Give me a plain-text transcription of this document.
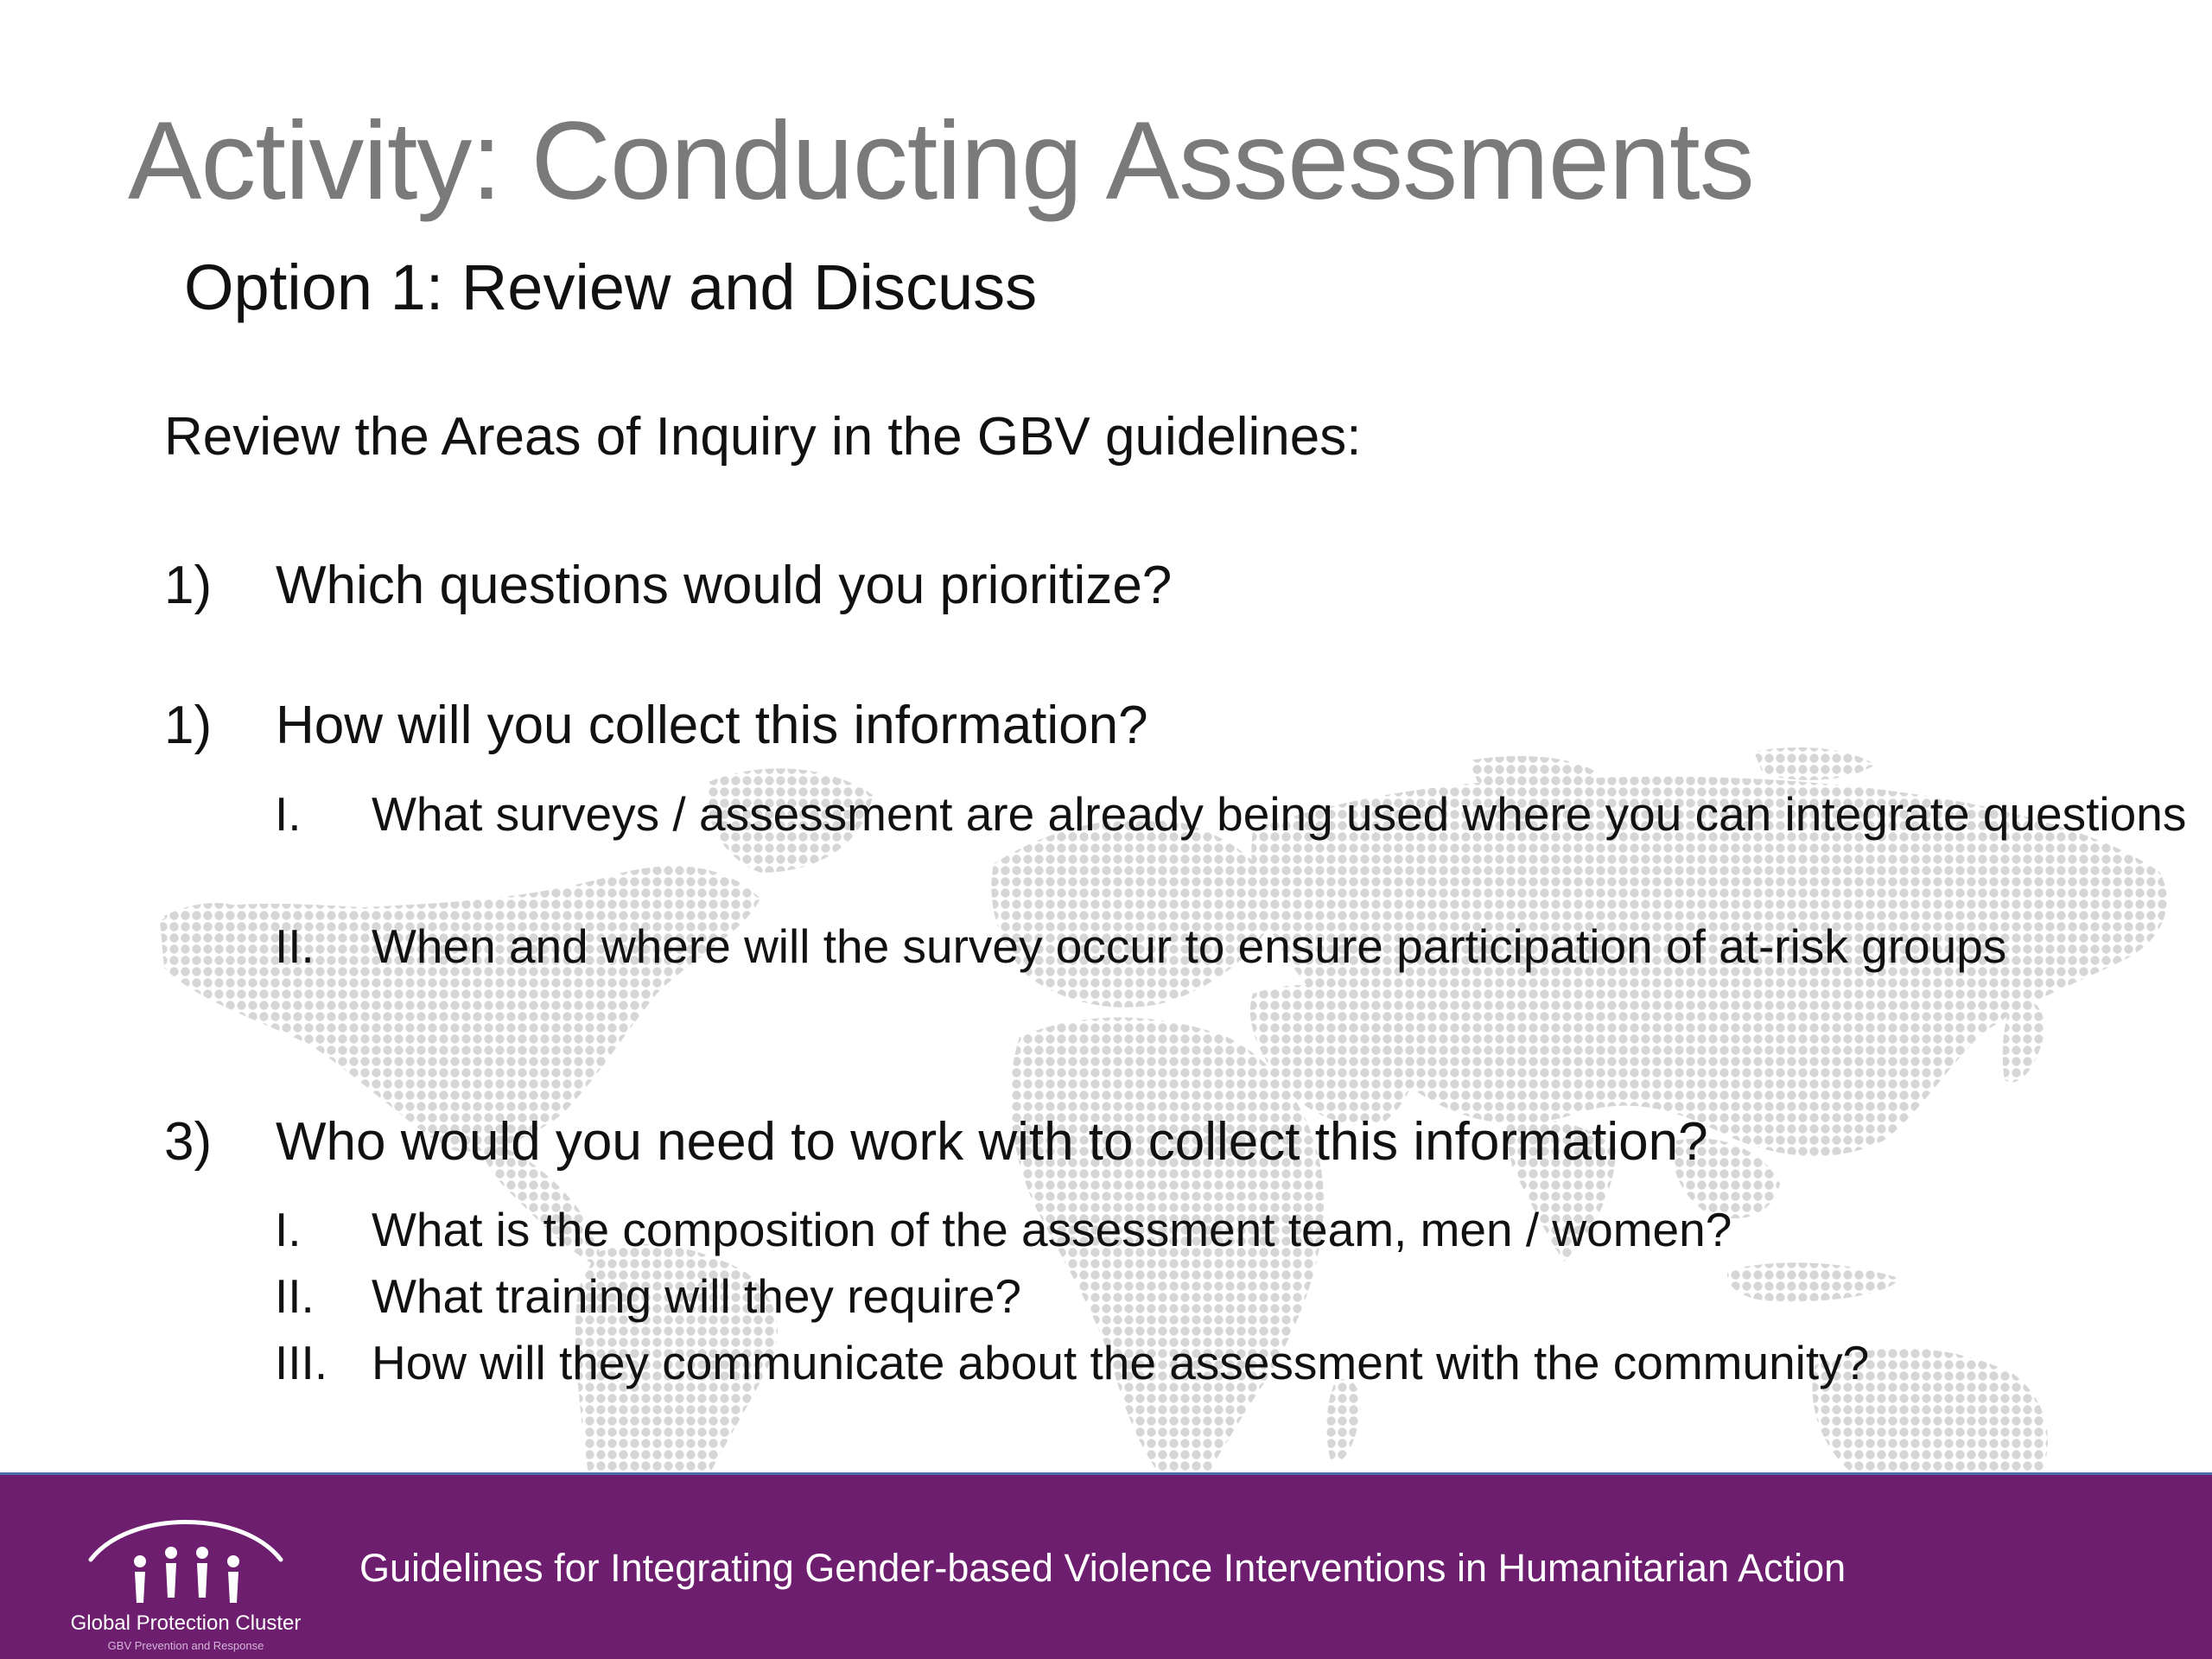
Activity: Conducting Assessments
Option 1: Review and Discuss
Review the Areas of Inquiry in the GBV guidelines:
1) Which questions would you prioritize?
1) How will you collect this information?
I. What surveys / assessment are already being used where you can integrate questions
II. When and where will the survey occur to ensure participation of at-risk groups
3) Who would you need to work with to collect this information?
I. What is the composition of the assessment team, men / women?
II. What training will they require?
III. How will they communicate about the assessment with the community?
Global Protection Cluster
GBV Prevention and Response
Guidelines for Integrating Gender-based Violence Interventions in Humanitarian Action
